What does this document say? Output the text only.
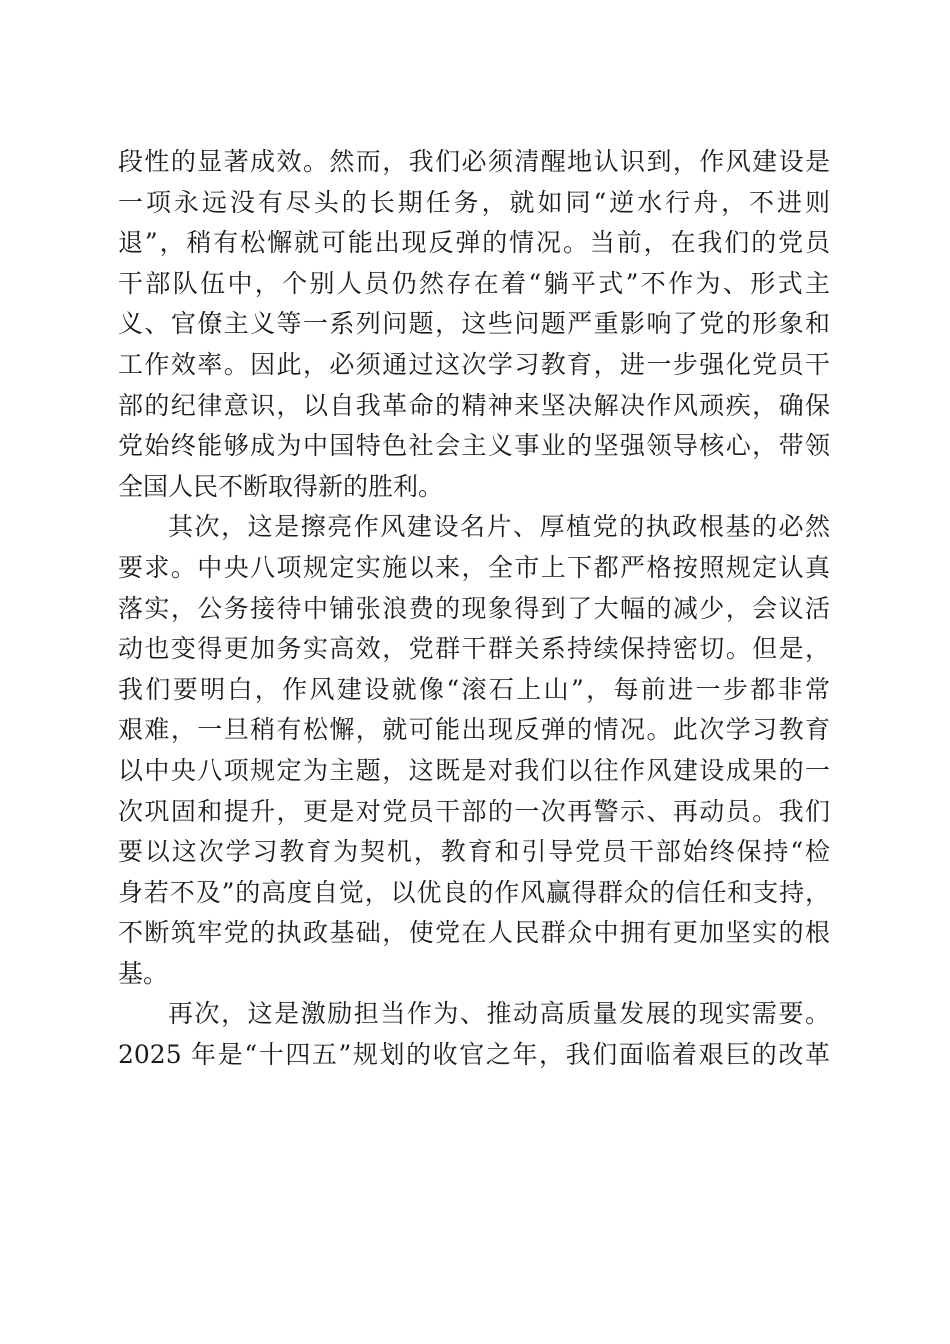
段性的显著成效。然而，我们必须清醒地认识到，作风建设是
一项永远没有尽头的长期任务，就如同“逆水行舟，不进则
退”，稍有松懈就可能出现反弹的情况。当前，在我们的党员
干部队伍中，个别人员仍然存在着“躺平式”不作为、形式主
义、官僚主义等一系列问题，这些问题严重影响了党的形象和
工作效率。因此，必须通过这次学习教育，进一步强化党员干
部的纪律意识，以自我革命的精神来坚决解决作风顽疾，确保
党始终能够成为中国特色社会主义事业的坚强领导核心，带领
全国人民不断取得新的胜利。
其次，这是擦亮作风建设名片、厚植党的执政根基的必然
要求。中央八项规定实施以来，全市上下都严格按照规定认真
落实，公务接待中铺张浪费的现象得到了大幅的减少，会议活
动也变得更加务实高效，党群干群关系持续保持密切。但是，
我们要明白，作风建设就像“滚石上山”，每前进一步都非常
艰难，一旦稍有松懈，就可能出现反弹的情况。此次学习教育
以中央八项规定为主题，这既是对我们以往作风建设成果的一
次巩固和提升，更是对党员干部的一次再警示、再动员。我们
要以这次学习教育为契机，教育和引导党员干部始终保持“检
身若不及”的高度自觉，以优良的作风赢得群众的信任和支持，
不断筑牢党的执政基础，使党在人民群众中拥有更加坚实的根
基。
再次，这是激励担当作为、推动高质量发展的现实需要。
2025 年是“十四五”规划的收官之年，我们面临着艰巨的改革
